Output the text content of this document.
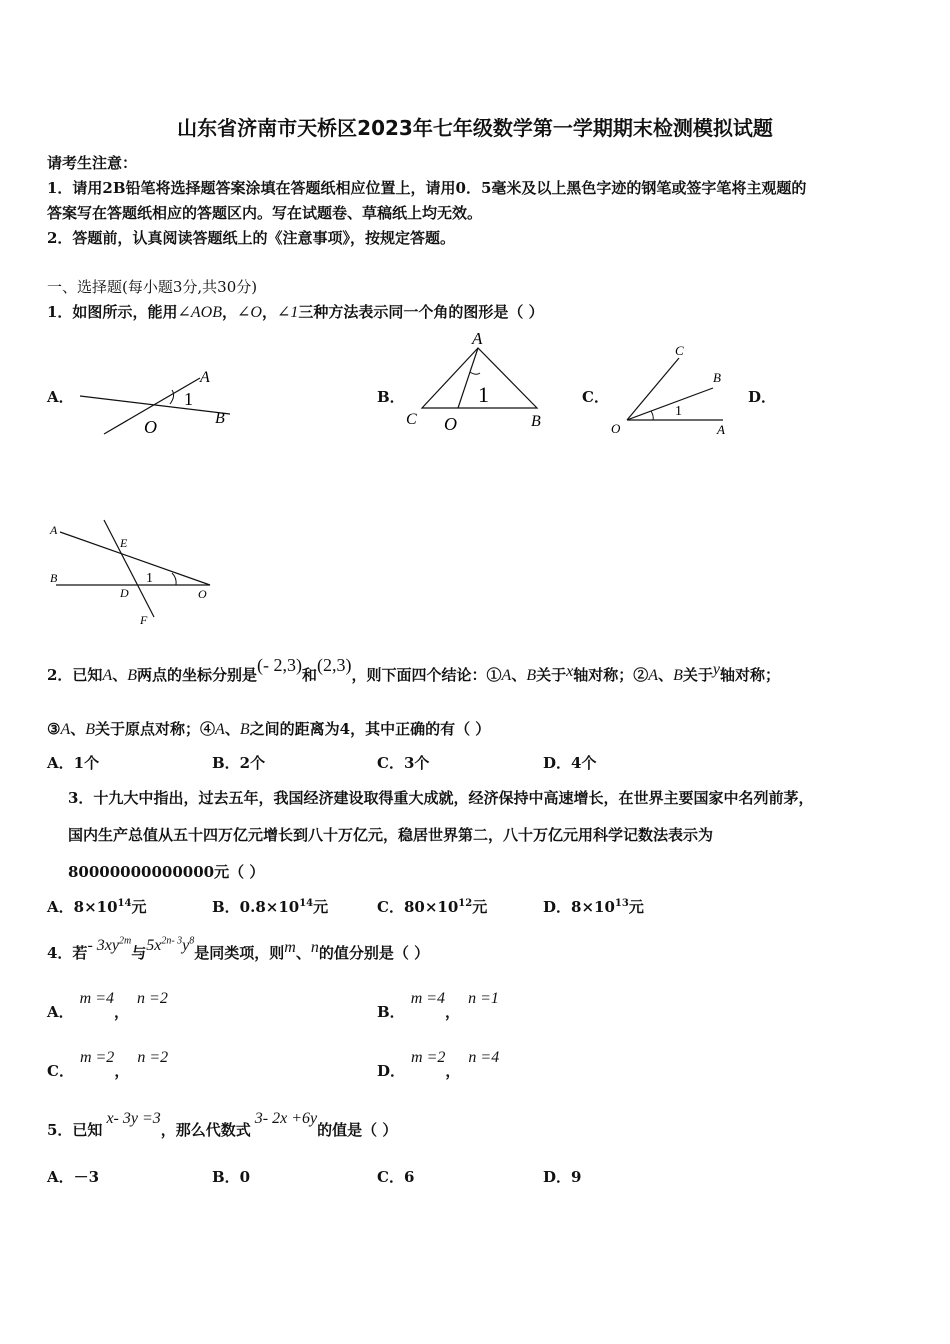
山东省济南市天桥区2023年七年级数学第一学期期末检测模拟试题
请考生注意：
1．请用2B铅笔将选择题答案涂填在答题纸相应位置上，请用0．5毫米及以上黑色字迹的钢笔或签字笔将主观题的
答案写在答题纸相应的答题区内。写在试题卷、草稿纸上均无效。
2．答题前，认真阅读答题纸上的《注意事项》，按规定答题。
一、选择题(每小题3分,共30分)
1．如图所示，能用∠AOB，∠O，∠1三种方法表示同一个角的图形是（ ）
A．	B．	C．	D．
A
1
B
O
A
1
C O	B
C
B
1
O	A
A
E
B	1
D	O
F
2．已知A、B两点的坐标分别是(- 2,3)和(2,3)，则下面四个结论：①A、B关于x轴对称；②A、B关于y轴对称；
③A、B关于原点对称；④A、B之间的距离为4，其中正确的有（ ）
A．1个	B．2个	C．3个	D．4个
3．十九大中指出，过去五年，我国经济建设取得重大成就，经济保持中高速增长，在世界主要国家中名列前茅，
国内生产总值从五十四万亿元增长到八十万亿元，稳居世界第二，八十万亿元用科学记数法表示为
80000000000000元（ ）
A．$8\times 10^{14}$元	B．$0.8\times 10^{14}$元	C．$80\times 10^{12}$元	D．$8\times 10^{13}$元
4．若- $3xy^{2m}$与$5x^{2n- 3}y^8$是同类项，则m、n的值分别是（ ）
A．m =4，n =2
B．m =4，n =1
C．m =2，n =2
D．m =2，n =4
5．已知x- 3y =3，那么代数式3- 2x +6y的值是（ ）
A．－3	B．0	C．6	D．9
